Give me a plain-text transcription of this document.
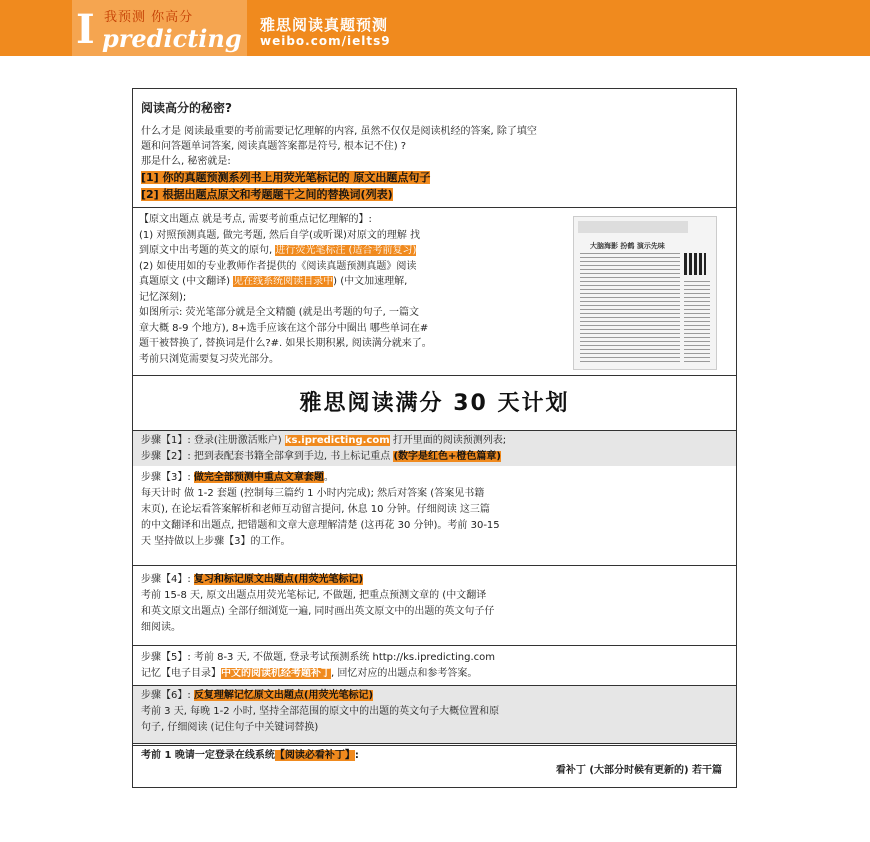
I 我预测 你高分
predicting 雅思阅读真题预测
weibo.com/ielts9
阅读高分的秘密?
什么才是 阅读最重要的考前需要记忆理解的内容, 虽然不仅仅是阅读机经的答案, 除了填空
题和问答题单词答案, 阅读真题答案都是符号, 根本记不住) ?
那是什么, 秘密就是:
[1] 你的真题预测系列书上用荧光笔标记的 原文出题点句子
[2] 根据出题点原文和考题题干之间的替换词(列表)
【原文出题点 就是考点, 需要考前重点记忆理解的】:
(1) 对照预测真题, 做完考题, 然后自学(或听课)对原文的理解 找
到原文中出考题的英文的原句, 进行荧光笔标注 (适合考前复习)
(2) 如使用如的专业教师作者提供的《阅读真题预测真题》阅读
真题原文 (中文翻译) 见在线系统阅读目录中) (中文加速理解,
记忆深刻);
如图所示: 荧光笔部分就是全文精髓 (就是出考题的句子, 一篇文
章大概 8-9 个地方), 8+选手应该在这个部分中圈出 哪些单词在#
题干被替换了, 替换词是什么?#. 如果长期积累, 阅读满分就来了。
考前只浏览需要复习荧光部分。
大脑海影 扮鹤 演示先味
雅思阅读满分 30 天计划
步骤【1】: 登录(注册激活账户) ks.ipredicting.com 打开里面的阅读预测列表;
步骤【2】: 把到表配套书籍全部拿到手边, 书上标记重点 (数字是红色+橙色篇章)
步骤【3】: 做完全部预测中重点文章套题。
每天计时 做 1-2 套题 (控制每三篇约 1 小时内完成); 然后对答案 (答案见书籍
末页), 在论坛看答案解析和老师互动留言提问, 休息 10 分钟。仔细阅读 这三篇
的中文翻译和出题点, 把错题和文章大意理解清楚 (这再花 30 分钟)。考前 30-15
天 坚持做以上步骤【3】的工作。
步骤【4】: 复习和标记原文出题点(用荧光笔标记)
考前 15-8 天, 原文出题点用荧光笔标记, 不做题, 把重点预测文章的 (中文翻译
和英文原文出题点) 全部仔细浏览一遍, 同时画出英文原文中的出题的英文句子仔
细阅读。
步骤【5】: 考前 8-3 天, 不做题, 登录考试预测系统 http://ks.ipredicting.com
记忆【电子目录】中文的阅读机经考题补丁, 回忆对应的出题点和参考答案。
步骤【6】: 反复理解记忆原文出题点(用荧光笔标记)
考前 3 天, 每晚 1-2 小时, 坚持全部范围的原文中的出题的英文句子大概位置和原
句子, 仔细阅读 (记住句子中关键词替换)
考前 1 晚请一定登录在线系统【阅读必看补丁】:
看补丁 (大部分时候有更新的) 若干篇
